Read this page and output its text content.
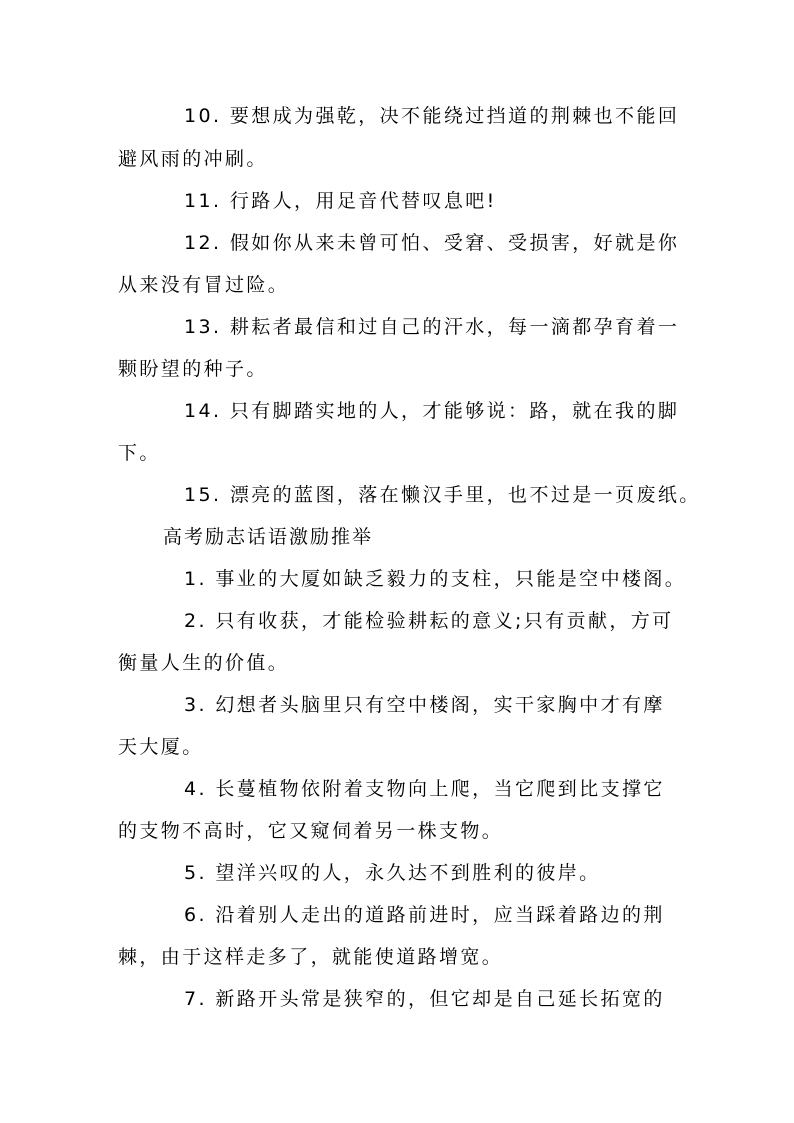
10. 要想成为强乾，决不能绕过挡道的荆棘也不能回
避风雨的冲刷。
11. 行路人，用足音代替叹息吧!
12. 假如你从来未曾可怕、受窘、受损害，好就是你
从来没有冒过险。
13. 耕耘者最信和过自己的汗水，每一滴都孕育着一
颗盼望的种子。
14. 只有脚踏实地的人，才能够说：路，就在我的脚
下。
15. 漂亮的蓝图，落在懒汉手里，也不过是一页废纸。
高考励志话语激励推举
1. 事业的大厦如缺乏毅力的支柱，只能是空中楼阁。
2. 只有收获，才能检验耕耘的意义;只有贡献，方可
衡量人生的价值。
3. 幻想者头脑里只有空中楼阁，实干家胸中才有摩
天大厦。
4. 长蔓植物依附着支物向上爬，当它爬到比支撑它
的支物不高时，它又窥伺着另一株支物。
5. 望洋兴叹的人，永久达不到胜利的彼岸。
6. 沿着别人走出的道路前进时，应当踩着路边的荆
棘，由于这样走多了，就能使道路增宽。
7. 新路开头常是狭窄的，但它却是自己延长拓宽的
